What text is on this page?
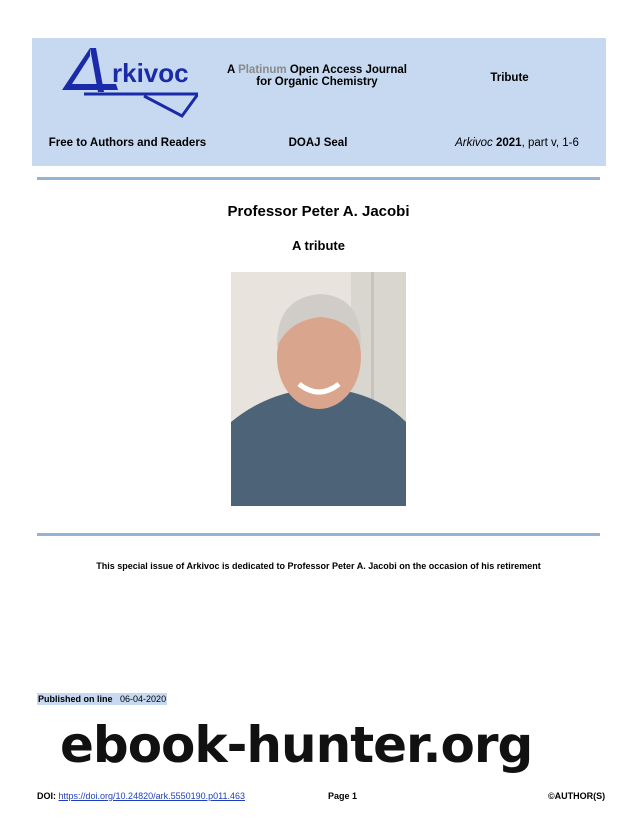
rkivoc	A Platinum Open Access Journal
for Organic Chemistry	Tribute
Free to Authors and Readers	DOAJ Seal	Arkivoc 2021, part v, 1-6
Professor Peter A. Jacobi
A tribute
This special issue of Arkivoc is dedicated to Professor Peter A. Jacobi on the occasion of his retirement
Published on line 06-04-2020
ebook-hunter.org
DOI: https://doi.org/10.24820/ark.5550190.p011.463	Page 1	©AUTHOR(S)
